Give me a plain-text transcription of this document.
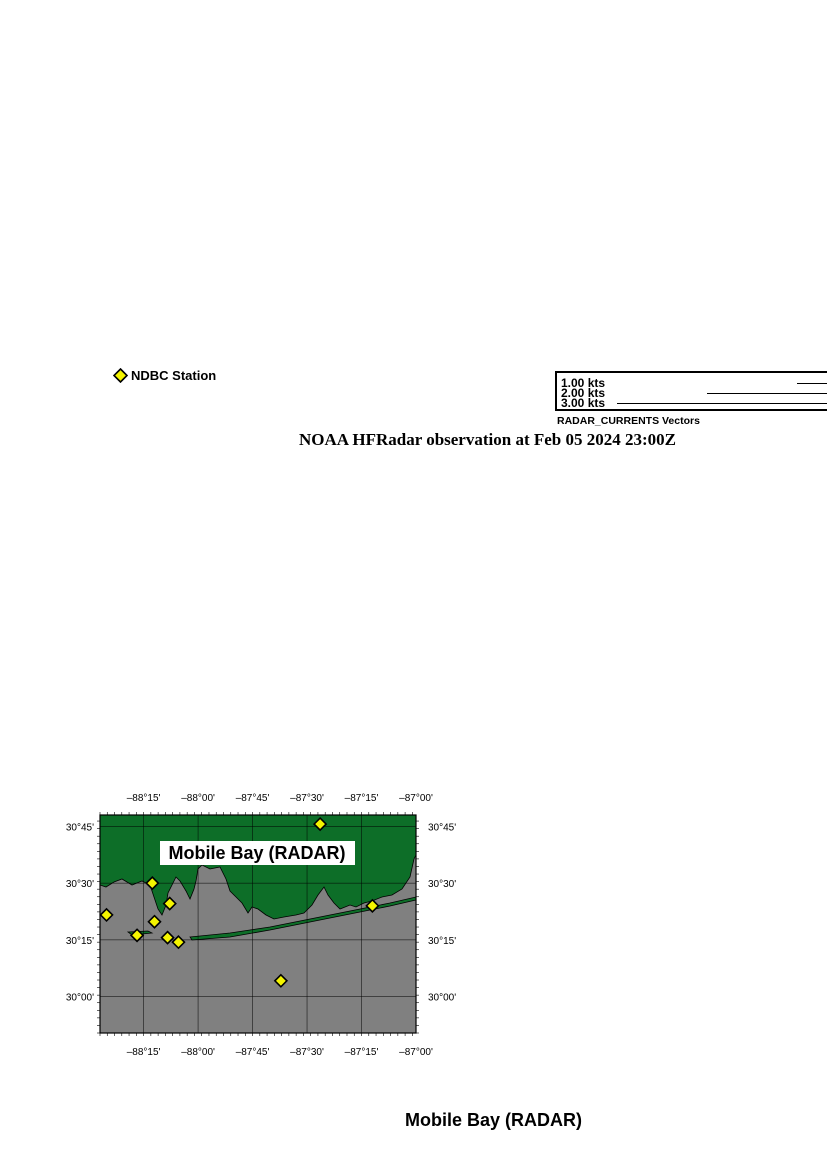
NDBC Station	1.00 kts
2.00 kts
3.00 kts
RADAR_CURRENTS Vectors
NOAA HFRadar observation at Feb 05 2024 23:00Z
–88°15'
–88°15'
–88°00'
–88°00'
–87°45'
–87°45'
–87°30'
–87°30'
–87°15'
–87°15'
–87°00'
–87°00'
30°45'	30°45'
30°30'	30°30'
30°15'	30°15'
30°00'	30°00'
Mobile Bay (RADAR)
Mobile Bay (RADAR)
